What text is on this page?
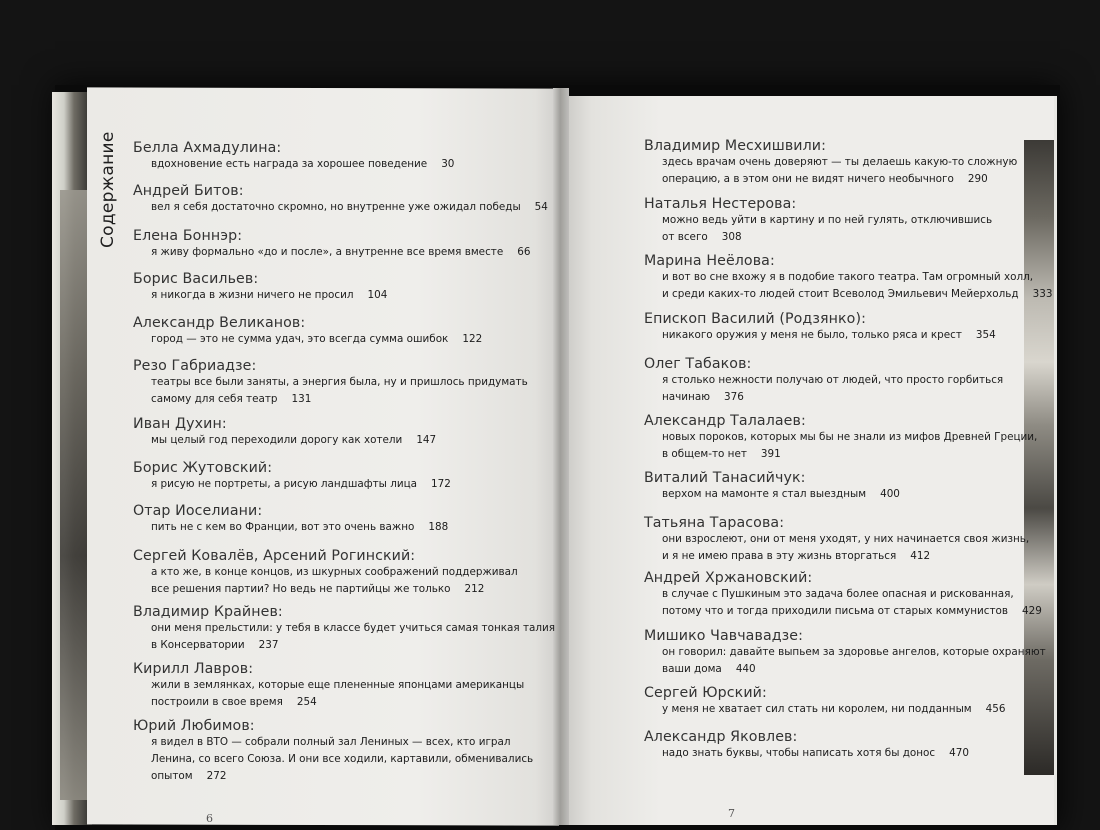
Белла Ахмадулина:
вдохновение есть награда за хорошее поведение 30
Андрей Битов:
вел я себя достаточно скромно, но внутренне уже ожидал победы 54
Елена Боннэр:
я живу формально «до и после», а внутренне все время вместе 66
Борис Васильев:
я никогда в жизни ничего не просил 104
Александр Великанов:
город — это не сумма удач, это всегда сумма ошибок 122
Резо Габриадзе:
театры все были заняты, а энергия была, ну и пришлось придумать
самому для себя театр 131
Иван Духин:
мы целый год переходили дорогу как хотели 147
Борис Жутовский:
я рисую не портреты, а рисую ландшафты лица 172
Отар Иоселиани:
пить не с кем во Франции, вот это очень важно 188
Сергей Ковалёв, Арсений Рогинский:
а кто же, в конце концов, из шкурных соображений поддерживал
все решения партии? Но ведь не партийцы же только 212
Владимир Крайнев:
они меня прельстили: у тебя в классе будет учиться самая тонкая талия
в Консерватории 237
Кирилл Лавров:
жили в землянках, которые еще плененные японцами американцы
построили в свое время 254
Юрий Любимов:
я видел в ВТО — собрали полный зал Лениных — всех, кто играл
Ленина, со всего Союза. И они все ходили, картавили, обменивались
опытом 272
Владимир Месхишвили:
здесь врачам очень доверяют — ты делаешь какую-то сложную
операцию, а в этом они не видят ничего необычного 290
Наталья Нестерова:
можно ведь уйти в картину и по ней гулять, отключившись
от всего 308
Марина Неёлова:
и вот во сне вхожу я в подобие такого театра. Там огромный холл,
и среди каких-то людей стоит Всеволод Эмильевич Мейерхольд 333
Епископ Василий (Родзянко):
никакого оружия у меня не было, только ряса и крест 354
Олег Табаков:
я столько нежности получаю от людей, что просто горбиться
начинаю 376
Александр Талалаев:
новых пороков, которых мы бы не знали из мифов Древней Греции,
в общем-то нет 391
Виталий Танасийчук:
верхом на мамонте я стал выездным 400
Татьяна Тарасова:
они взрослеют, они от меня уходят, у них начинается своя жизнь,
и я не имею права в эту жизнь вторгаться 412
Андрей Хржановский:
в случае с Пушкиным это задача более опасная и рискованная,
потому что и тогда приходили письма от старых коммунистов 429
Мишико Чавчавадзе:
он говорил: давайте выпьем за здоровье ангелов, которые охраняют
ваши дома 440
Сергей Юрский:
у меня не хватает сил стать ни королем, ни подданным 456
Александр Яковлев:
надо знать буквы, чтобы написать хотя бы донос 470
6	7
